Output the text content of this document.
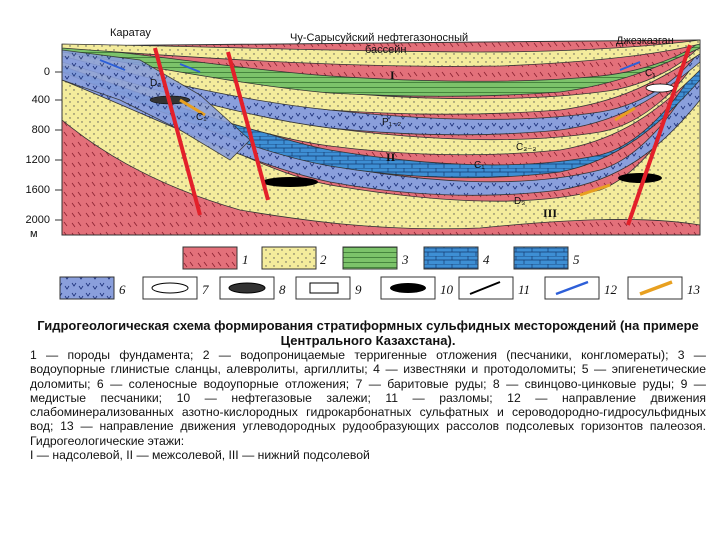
Каратау	Чу-Сарысуйский нефтегазоносный
бассейн
Джезказган
0
400
800
1200
1600
2000
м
I
II
III
P₁₋₂
C₂₋₃
C₁
D₃
C₁
D₃
C₁
1	2	3	4	5
6	7	8	9	10	11	12	13
Гидрогеологическая схема формирования стратиформных сульфидных месторождений (на примере Центрального Казахстана).
1 — породы фундамента; 2 — водопроницаемые терригенные отложения (песчаники, конгломераты); 3 — водоупорные глинистые сланцы, алевролиты, аргиллиты; 4 — известняки и протодоломиты; 5 — эпигенетические доломиты; 6 — соленосные водоупорные отложения; 7 — баритовые руды; 8 — свинцово-цинковые руды; 9 — медистые песчаники; 10 — нефтегазовые залежи; 11 — разломы; 12 — направление движения слабоминерализованных азотно-кислородных гидрокарбонатных сульфатных и сероводородно-гидросульфидных вод; 13 — направление движения углеводородных рудообразующих рассолов подсолевых горизонтов палеозоя. Гидрогеологические этажи:
I — надсолевой, II — межсолевой, III — нижний подсолевой
